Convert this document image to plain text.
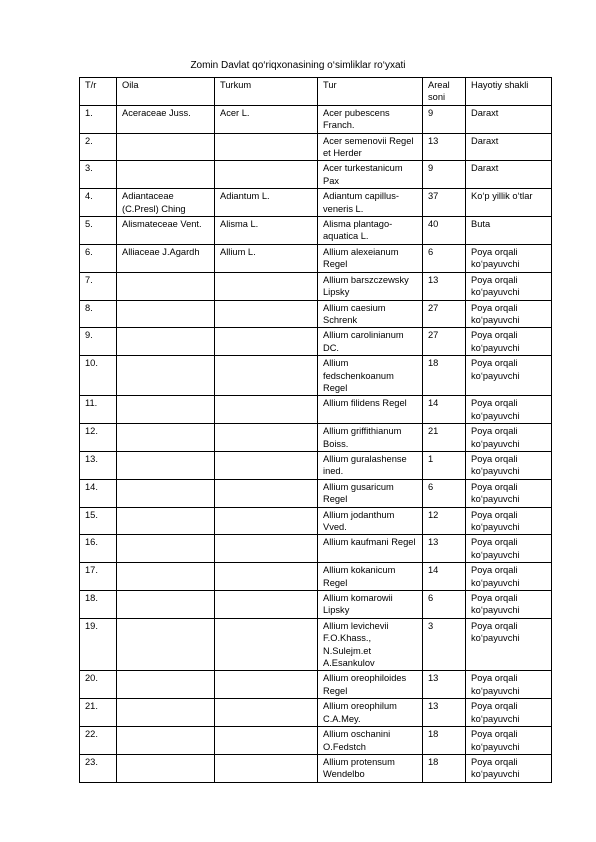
Zomin Davlat qo‘riqxonasining o‘simliklar ro‘yxati
T/r	Oila	Turkum	Tur	Areal soni	Hayotiy shakli
1.	Aceraceae Juss.	Acer L.	Acer pubescens Franch.	9	Daraxt
2.			Acer semenovii Regel et Herder	13	Daraxt
3.			Acer turkestanicum Pax	9	Daraxt
4.	Adiantaceae (C.Presl) Ching	Adiantum L.	Adiantum capillus-veneris L.	37	Ko‘p yillik o‘tlar
5.	Alismateceae Vent.	Alisma L.	Alisma plantago-aquatica L.	40	Buta
6.	Alliaceae J.Agardh	Allium L.	Allium alexeianum Regel	6	Poya orqali ko‘payuvchi
7.			Allium barszczewsky Lipsky	13	Poya orqali ko‘payuvchi
8.			Allium caesium Schrenk	27	Poya orqali ko‘payuvchi
9.			Allium carolinianum DC.	27	Poya orqali ko‘payuvchi
10.			Allium fedschenkoanum Regel	18	Poya orqali ko‘payuvchi
11.			Allium filidens Regel	14	Poya orqali ko‘payuvchi
12.			Allium griffithianum Boiss.	21	Poya orqali ko‘payuvchi
13.			Allium guralashense ined.	1	Poya orqali ko‘payuvchi
14.			Allium gusaricum Regel	6	Poya orqali ko‘payuvchi
15.			Allium jodanthum Vved.	12	Poya orqali ko‘payuvchi
16.			Allium kaufmani Regel	13	Poya orqali ko‘payuvchi
17.			Allium kokanicum Regel	14	Poya orqali ko‘payuvchi
18.			Allium komarowii Lipsky	6	Poya orqali ko‘payuvchi
19.			Allium levichevii F.O.Khass., N.Sulejm.et A.Esankulov	3	Poya orqali ko‘payuvchi
20.			Allium oreophiloides Regel	13	Poya orqali ko‘payuvchi
21.			Allium oreophilum C.A.Mey.	13	Poya orqali ko‘payuvchi
22.			Allium oschanini O.Fedstch	18	Poya orqali ko‘payuvchi
23.			Allium protensum Wendelbo	18	Poya orqali ko‘payuvchi
